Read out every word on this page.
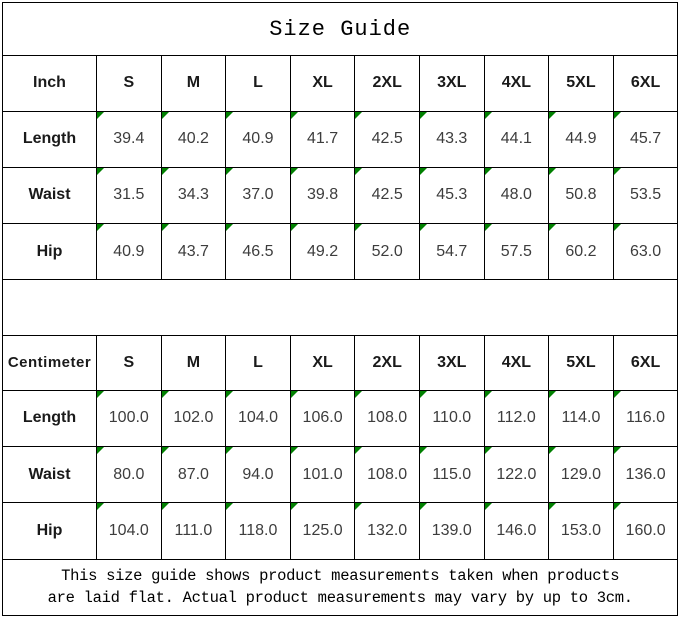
Size Guide									
Inch	S	M	L	XL	2XL	3XL	4XL	5XL	6XL
Length	39.4	40.2	40.9	41.7	42.5	43.3	44.1	44.9	45.7
Waist	31.5	34.3	37.0	39.8	42.5	45.3	48.0	50.8	53.5
Hip	40.9	43.7	46.5	49.2	52.0	54.7	57.5	60.2	63.0

Centimeter	S	M	L	XL	2XL	3XL	4XL	5XL	6XL
Length	100.0	102.0	104.0	106.0	108.0	110.0	112.0	114.0	116.0
Waist	80.0	87.0	94.0	101.0	108.0	115.0	122.0	129.0	136.0
Hip	104.0	111.0	118.0	125.0	132.0	139.0	146.0	153.0	160.0

This size guide shows product measurements taken when products
are laid flat. Actual product measurements may vary by up to 3cm.									
